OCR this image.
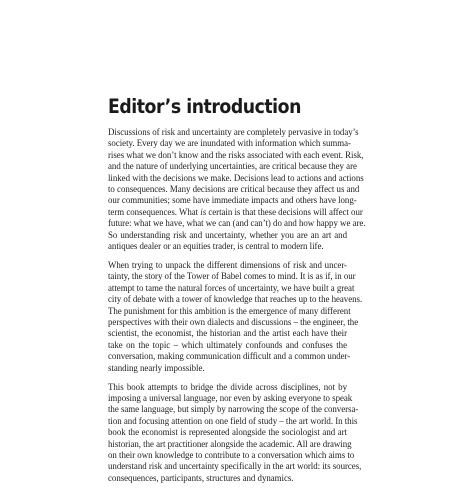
Editor’s introduction

Discussions of risk and uncertainty are completely pervasive in today’s
society. Every day we are inundated with information which summa-
rises what we don’t know and the risks associated with each event. Risk,
and the nature of underlying uncertainties, are critical because they are
linked with the decisions we make. Decisions lead to actions and actions
to consequences. Many decisions are critical because they affect us and
our communities; some have immediate impacts and others have long-
term consequences. What is certain is that these decisions will affect our
future: what we have, what we can (and can’t) do and how happy we are.
So understanding risk and uncertainty, whether you are an art and
antiques dealer or an equities trader, is central to modern life.

When trying to unpack the different dimensions of risk and uncer-
tainty, the story of the Tower of Babel comes to mind. It is as if, in our
attempt to tame the natural forces of uncertainty, we have built a great
city of debate with a tower of knowledge that reaches up to the heavens.
The punishment for this ambition is the emergence of many different
perspectives with their own dialects and discussions – the engineer, the
scientist, the economist, the historian and the artist each have their
take on the topic – which ultimately confounds and confuses the
conversation, making communication difficult and a common under-
standing nearly impossible.

This book attempts to bridge the divide across disciplines, not by
imposing a universal language, nor even by asking everyone to speak
the same language, but simply by narrowing the scope of the conversa-
tion and focusing attention on one field of study – the art world. In this
book the economist is represented alongside the sociologist and art
historian, the art practitioner alongside the academic. All are drawing
on their own knowledge to contribute to a conversation which aims to
understand risk and uncertainty specifically in the art world: its sources,
consequences, participants, structures and dynamics.
